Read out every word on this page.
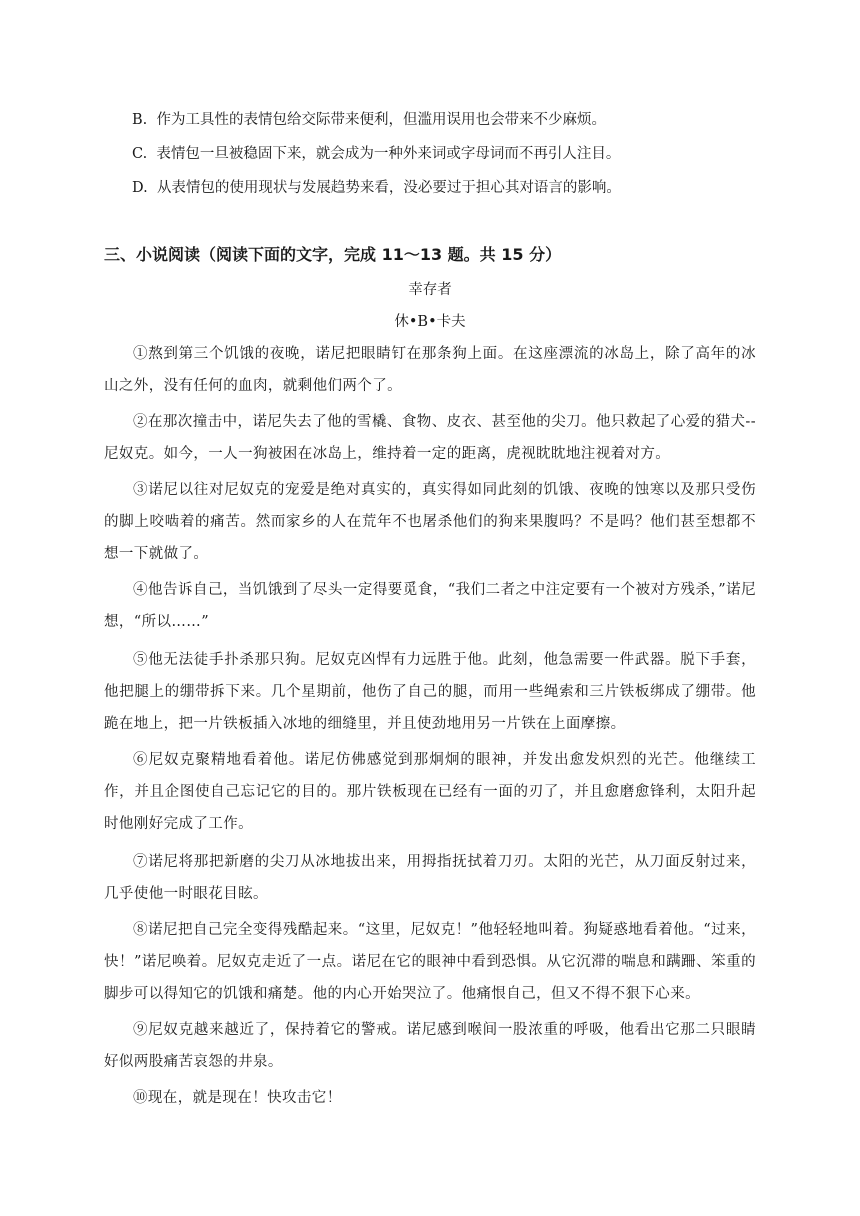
B. 作为工具性的表情包给交际带来便利，但滥用误用也会带来不少麻烦。
C. 表情包一旦被稳固下来，就会成为一种外来词或字母词而不再引人注目。
D. 从表情包的使用现状与发展趋势来看，没必要过于担心其对语言的影响。
三、小说阅读（阅读下面的文字，完成 11～13 题。共 15 分）
幸存者
休•B•卡夫
①熬到第三个饥饿的夜晚，诺尼把眼睛钉在那条狗上面。在这座漂流的冰岛上，除了高年的冰山之外，没有任何的血肉，就剩他们两个了。
②在那次撞击中，诺尼失去了他的雪橇、食物、皮衣、甚至他的尖刀。他只救起了心爱的猎犬--尼奴克。如今，一人一狗被困在冰岛上，维持着一定的距离，虎视眈眈地注视着对方。
③诺尼以往对尼奴克的宠爱是绝对真实的，真实得如同此刻的饥饿、夜晚的蚀寒以及那只受伤的脚上咬啮着的痛苦。然而家乡的人在荒年不也屠杀他们的狗来果腹吗？不是吗？他们甚至想都不想一下就做了。
④他告诉自己，当饥饿到了尽头一定得要觅食，“我们二者之中注定要有一个被对方残杀，”诺尼想，“所以……”
⑤他无法徒手扑杀那只狗。尼奴克凶悍有力远胜于他。此刻，他急需要一件武器。脱下手套，他把腿上的绷带拆下来。几个星期前，他伤了自己的腿，而用一些绳索和三片铁板绑成了绷带。他跪在地上，把一片铁板插入冰地的细缝里，并且使劲地用另一片铁在上面摩擦。
⑥尼奴克聚精地看着他。诺尼仿佛感觉到那炯炯的眼神，并发出愈发炽烈的光芒。他继续工作，并且企图使自己忘记它的目的。那片铁板现在已经有一面的刃了，并且愈磨愈锋利，太阳升起时他刚好完成了工作。
⑦诺尼将那把新磨的尖刀从冰地拔出来，用拇指抚拭着刀刃。太阳的光芒，从刀面反射过来，几乎使他一时眼花目眩。
⑧诺尼把自己完全变得残酷起来。“这里，尼奴克！”他轻轻地叫着。狗疑惑地看着他。“过来，快！”诺尼唤着。尼奴克走近了一点。诺尼在它的眼神中看到恐惧。从它沉滞的喘息和蹒跚、笨重的脚步可以得知它的饥饿和痛楚。他的内心开始哭泣了。他痛恨自己，但又不得不狠下心来。
⑨尼奴克越来越近了，保持着它的警戒。诺尼感到喉间一股浓重的呼吸，他看出它那二只眼睛好似两股痛苦哀怨的井泉。
⑩现在，就是现在！快攻击它！
